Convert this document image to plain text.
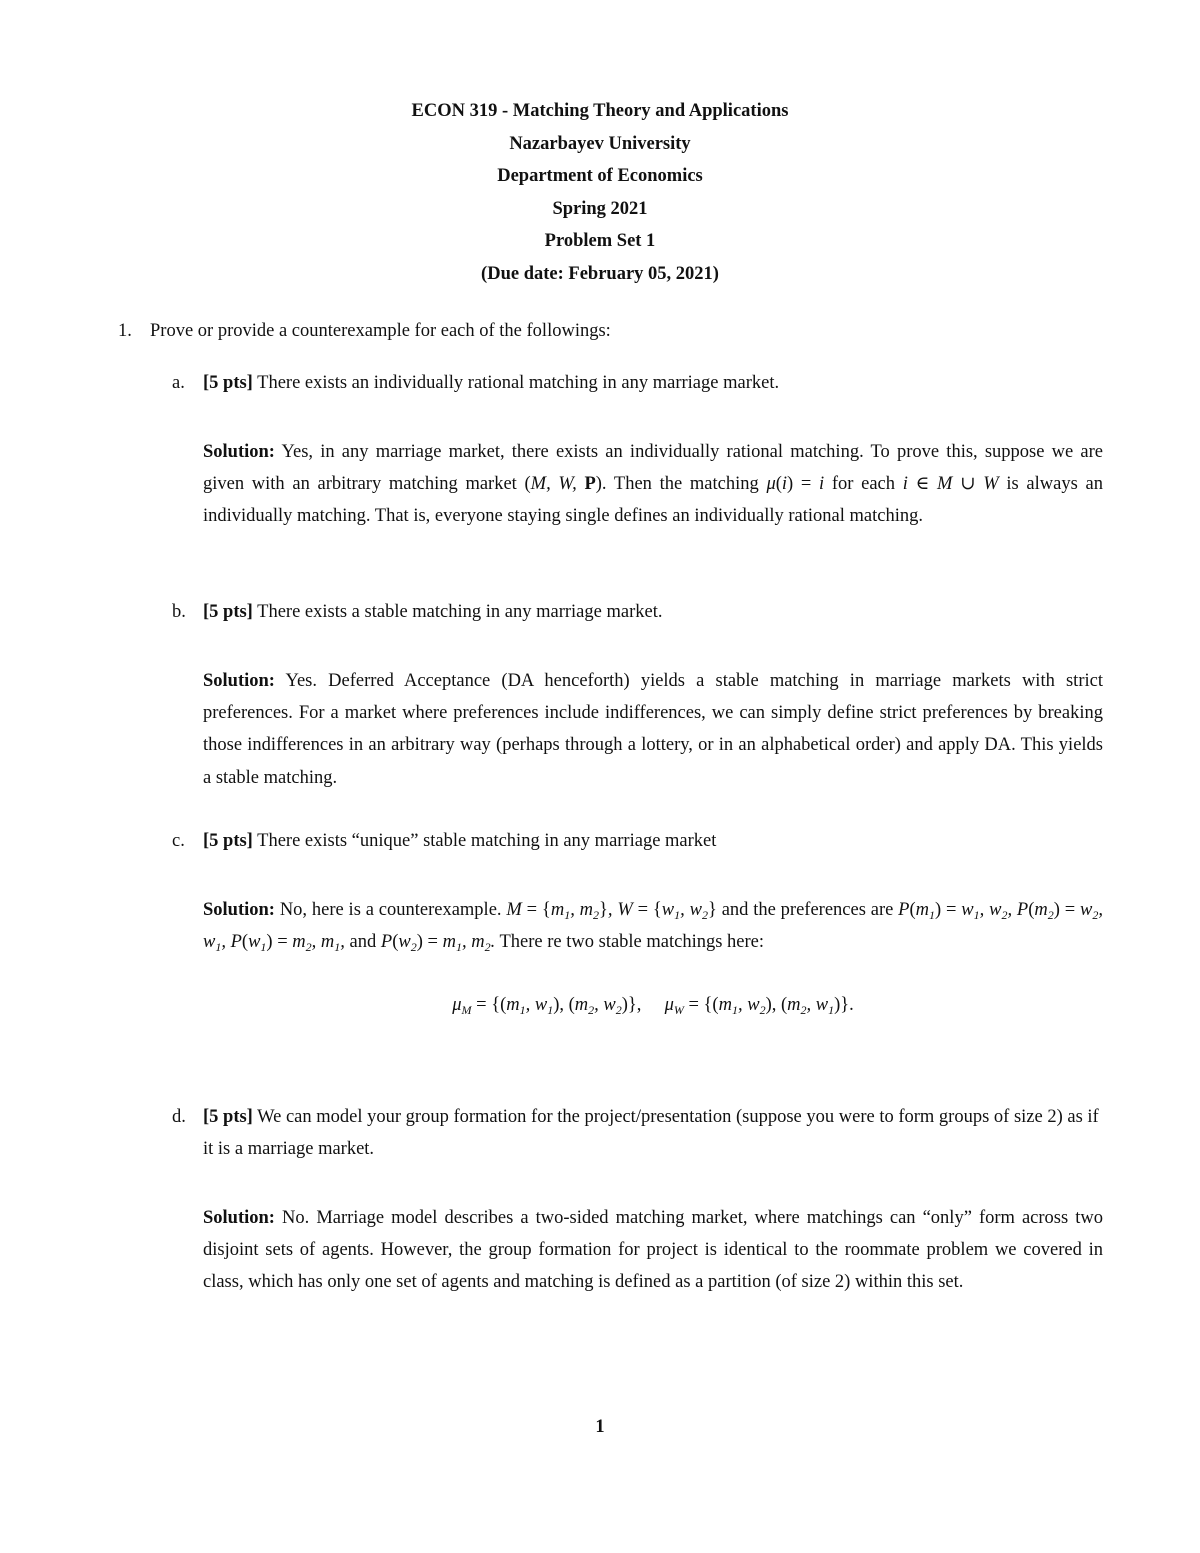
ECON 319 - Matching Theory and Applications
Nazarbayev University
Department of Economics
Spring 2021
Problem Set 1
(Due date: February 05, 2021)
1. Prove or provide a counterexample for each of the followings:
a. [5 pts] There exists an individually rational matching in any marriage market.
Solution: Yes, in any marriage market, there exists an individually rational matching. To prove this, suppose we are given with an arbitrary matching market (M, W, P). Then the matching μ(i) = i for each i ∈ M ∪ W is always an individually matching. That is, everyone staying single defines an individually rational matching.
b. [5 pts] There exists a stable matching in any marriage market.
Solution: Yes. Deferred Acceptance (DA henceforth) yields a stable matching in marriage markets with strict preferences. For a market where preferences include indifferences, we can simply define strict preferences by breaking those indifferences in an arbitrary way (perhaps through a lottery, or in an alphabetical order) and apply DA. This yields a stable matching.
c. [5 pts] There exists “unique” stable matching in any marriage market
Solution: No, here is a counterexample. $M = \{m_1$, $m_2$}, $W = \{w_1$, $w_2$} and the preferences are $P(m_1) = w_1$, $w_2$, $P(m_2) = w_2$, $w_1$, $P(w_1) = m_2$, $m_1$, and $P(w_2) = m_1$, $m_2$. There re two stable matchings here:
$\mu_M = \{(m_1$, $w_1$), ($m_2$, $w_2$)}, $\mu_W = \{(m_1$, $w_2$), ($m_2$, $w_1$)}.
d. [5 pts] We can model your group formation for the project/presentation (suppose you were to form groups of size 2) as if it is a marriage market.
Solution: No. Marriage model describes a two-sided matching market, where matchings can “only” form across two disjoint sets of agents. However, the group formation for project is identical to the roommate problem we covered in class, which has only one set of agents and matching is defined as a partition (of size 2) within this set.
1
